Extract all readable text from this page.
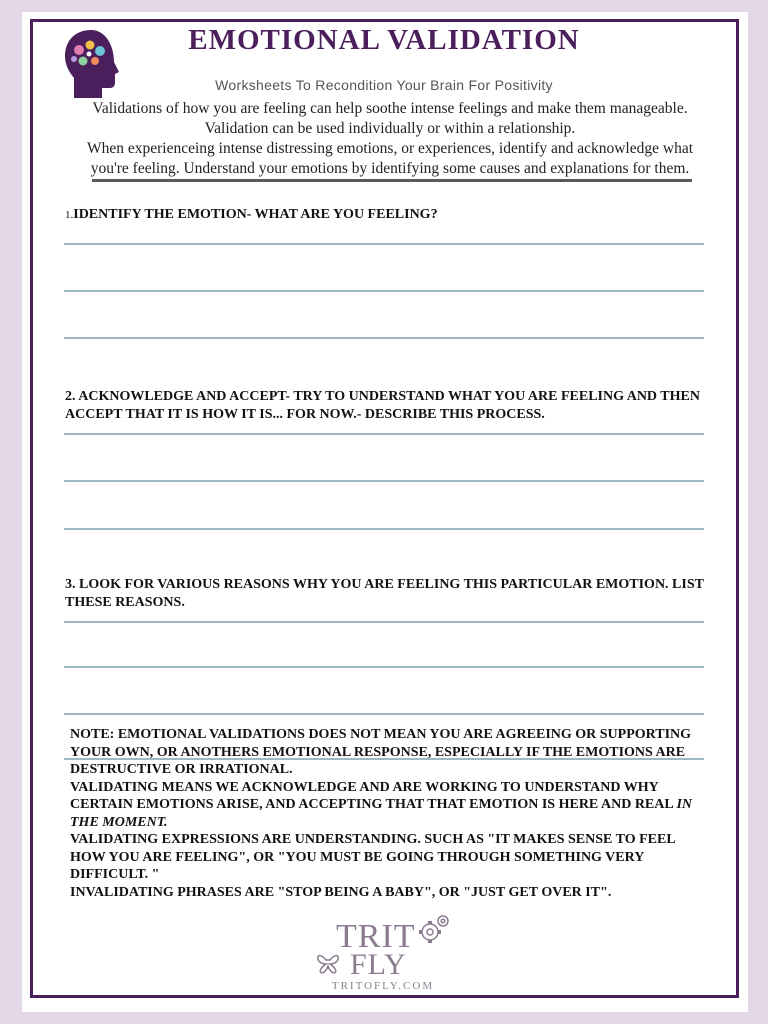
EMOTIONAL VALIDATION
Worksheets To Recondition Your Brain For Positivity
Validations of how you are feeling can help soothe intense feelings and make them manageable.
Validation can be used individually or within a relationship.
When experienceing intense distressing emotions, or experiences, identify and acknowledge what
you're feeling. Understand your emotions by identifying some causes and explanations for them.
1.IDENTIFY THE EMOTION- WHAT ARE YOU FEELING?
2. ACKNOWLEDGE AND ACCEPT- TRY TO UNDERSTAND WHAT YOU ARE FEELING AND THEN ACCEPT THAT IT IS HOW IT IS... FOR NOW.- DESCRIBE THIS PROCESS.
3. LOOK FOR VARIOUS REASONS WHY YOU ARE FEELING THIS PARTICULAR EMOTION. LIST THESE REASONS.

NOTE: EMOTIONAL VALIDATIONS DOES NOT MEAN YOU ARE AGREEING OR SUPPORTING YOUR OWN, OR ANOTHERS EMOTIONAL RESPONSE, ESPECIALLY IF THE EMOTIONS ARE DESTRUCTIVE OR IRRATIONAL.

VALIDATING MEANS WE ACKNOWLEDGE AND ARE WORKING TO UNDERSTAND WHY CERTAIN EMOTIONS ARISE, AND ACCEPTING THAT THAT EMOTION IS HERE AND REAL IN THE MOMENT.

VALIDATING EXPRESSIONS ARE UNDERSTANDING. SUCH AS "IT MAKES SENSE TO FEEL HOW YOU ARE FEELING", OR "YOU MUST BE GOING THROUGH SOMETHING VERY DIFFICULT. "

INVALIDATING PHRASES ARE "STOP BEING A BABY", OR "JUST GET OVER IT".

TRIT
FLY
TRITOFLY.COM
